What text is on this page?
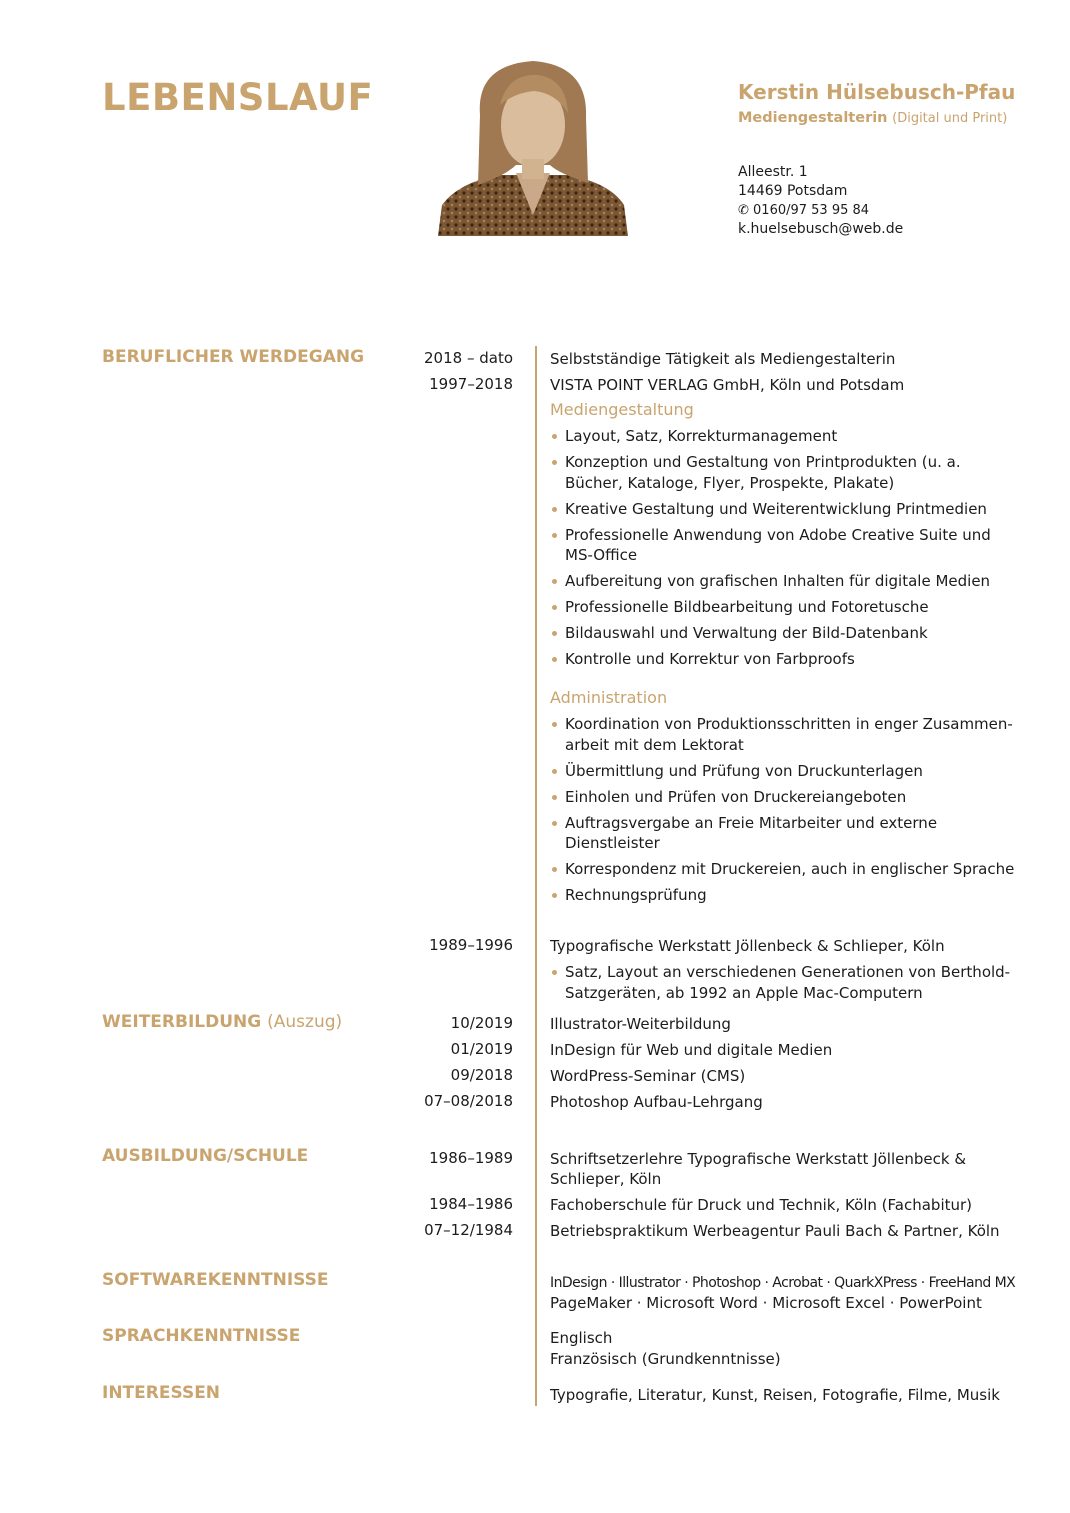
LEBENSLAUF	Kerstin Hülsebusch-Pfau
Mediengestalterin (Digital und Print)
Alleestr. 1
14469 Potsdam
✆ 0160/97 53 95 84
k.huelsebusch@web.de
BERUFLICHER WERDEGANG	2018 – dato Selbstständige Tätigkeit als Mediengestalterin
1997–2018 VISTA POINT VERLAG GmbH, Köln und Potsdam
Mediengestaltung
Layout, Satz, Korrekturmanagement
Konzeption und Gestaltung von Printprodukten (u. a. Bücher, Kataloge, Flyer, Prospekte, Plakate)
Kreative Gestaltung und Weiterentwicklung Printmedien
Professionelle Anwendung von Adobe Creative Suite und MS-Office
Aufbereitung von grafischen Inhalten für digitale Medien
Professionelle Bildbearbeitung und Fotoretusche
Bildauswahl und Verwaltung der Bild-Datenbank
Kontrolle und Korrektur von Farbproofs
Administration
Koordination von Produktionsschritten in enger Zusammen-arbeit mit dem Lektorat
Übermittlung und Prüfung von Druckunterlagen
Einholen und Prüfen von Druckereiangeboten
Auftragsvergabe an Freie Mitarbeiter und externe Dienstleister
Korrespondenz mit Druckereien, auch in englischer Sprache
Rechnungsprüfung
1989–1996 Typografische Werkstatt Jöllenbeck & Schlieper, Köln
Satz, Layout an verschiedenen Generationen von Berthold-Satzgeräten, ab 1992 an Apple Mac-Computern
WEITERBILDUNG (Auszug)	10/2019 Illustrator-Weiterbildung
01/2019 InDesign für Web und digitale Medien
09/2018 WordPress-Seminar (CMS)
07–08/2018 Photoshop Aufbau-Lehrgang
AUSBILDUNG/SCHULE	1986–1989 Schriftsetzerlehre Typografische Werkstatt Jöllenbeck & Schlieper, Köln
1984–1986 Fachoberschule für Druck und Technik, Köln (Fachabitur)
07–12/1984 Betriebspraktikum Werbeagentur Pauli Bach & Partner, Köln
SOFTWAREKENNTNISSE	InDesign · Illustrator · Photoshop · Acrobat · QuarkXPress · FreeHand MX
PageMaker · Microsoft Word · Microsoft Excel · PowerPoint
SPRACHKENNTNISSE	Englisch
Französisch (Grundkenntnisse)
INTERESSEN	Typografie, Literatur, Kunst, Reisen, Fotografie, Filme, Musik
